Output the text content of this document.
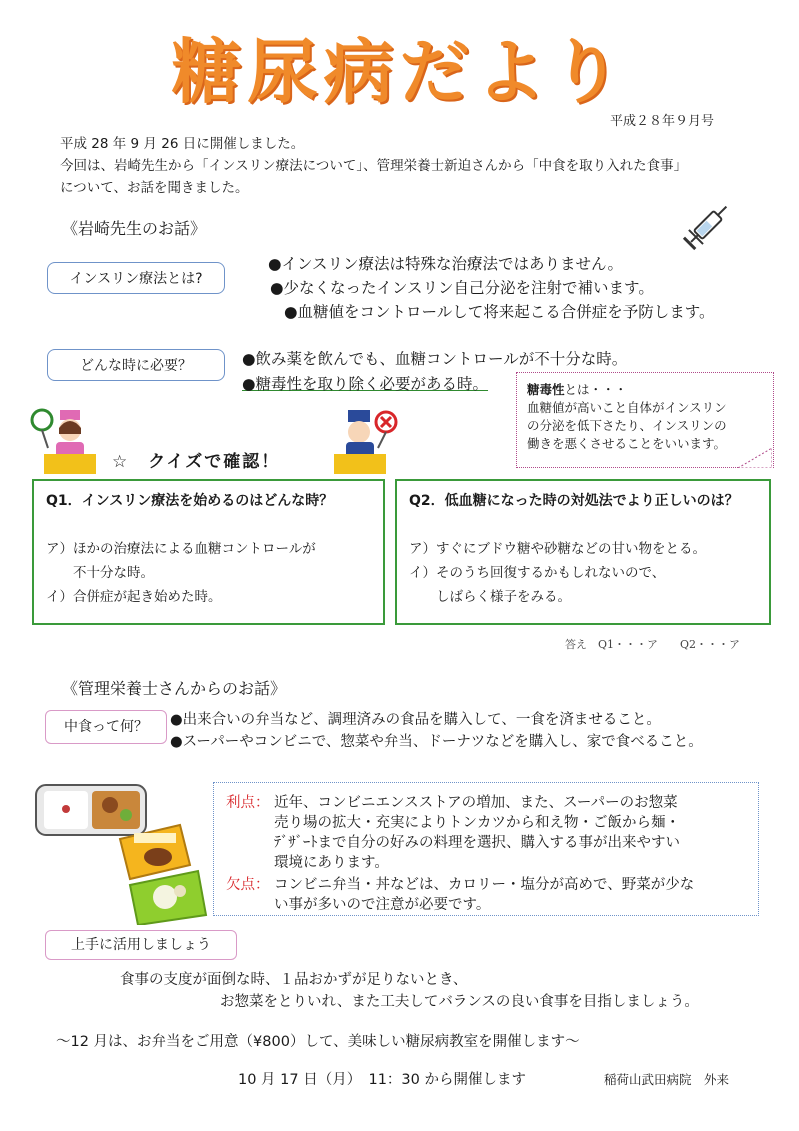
糖尿病だより
平成２８年９月号
平成 28 年 9 月 26 日に開催しました。
今回は、岩崎先生から「インスリン療法について」、管理栄養士新迫さんから「中食を取り入れた食事」
について、お話を聞きました。
《岩崎先生のお話》
インスリン療法とは?
●インスリン療法は特殊な治療法ではありません。
●少なくなったインスリン自己分泌を注射で補います。
●血糖値をコントロールして将来起こる合併症を予防します。
どんな時に必要？	●飲み薬を飲んでも、血糖コントロールが不十分な時。
●糖毒性を取り除く必要がある時。	糖毒性とは・・・
血糖値が高いこと自体がインスリン
の分泌を低下さたり、インスリンの
働きを悪くさせることをいいます。
☆　クイズで確認！
Q1．インスリン療法を始めるのはどんな時？
ア）ほかの治療法による血糖コントロールが
　　不十分な時。
イ）合併症が起き始めた時。
Q2．低血糖になった時の対処法でより正しいのは？
ア）すぐにブドウ糖や砂糖などの甘い物をとる。
イ）そのうち回復するかもしれないので、
　　しばらく様子をみる。
答え　Q1・・・ア　　Q2・・・ア
《管理栄養士さんからのお話》
中食って何？	●出来合いの弁当など、調理済みの食品を購入して、一食を済ませること。
●スーパーやコンビニで、惣菜や弁当、ドーナツなどを購入し、家で食べること。
利点： 近年、コンビニエンスストアの増加、また、スーパーのお惣菜
売り場の拡大・充実によりトンカツから和え物・ご飯から麺・
ﾃﾞｻﾞｰﾄまで自分の好みの料理を選択、購入する事が出来やすい
環境にあります。
欠点： コンビニ弁当・丼などは、カロリー・塩分が高めで、野菜が少な
い事が多いので注意が必要です。
上手に活用しましょう
食事の支度が面倒な時、１品おかずが足りないとき、
お惣菜をとりいれ、また工夫してバランスの良い食事を目指しましょう。
～12 月は、お弁当をご用意（¥800）して、美味しい糖尿病教室を開催します～
10 月 17 日（月）　11：30 から開催します	稲荷山武田病院　外来
